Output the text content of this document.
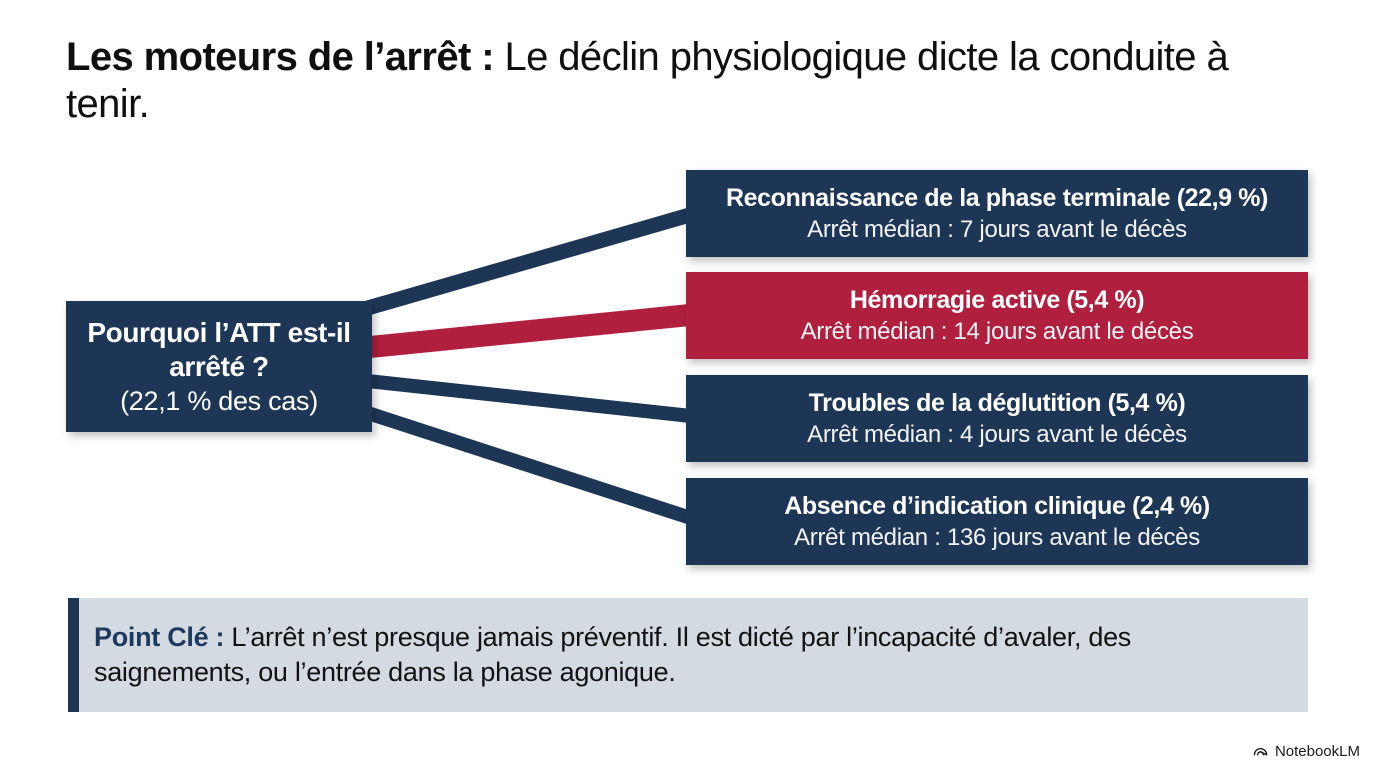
Les moteurs de l’arrêt : Le déclin physiologique dicte la conduite à tenir.
Pourquoi l’ATT est-il arrêté ?
(22,1 % des cas)
Reconnaissance de la phase terminale (22,9 %)
Arrêt médian : 7 jours avant le décès
Hémorragie active (5,4 %)
Arrêt médian : 14 jours avant le décès
Troubles de la déglutition (5,4 %)
Arrêt médian : 4 jours avant le décès
Absence d’indication clinique (2,4 %)
Arrêt médian : 136 jours avant le décès
Point Clé : L’arrêt n’est presque jamais préventif. Il est dicté par l’incapacité d’avaler, des saignements, ou l’entrée dans la phase agonique.
NotebookLM
